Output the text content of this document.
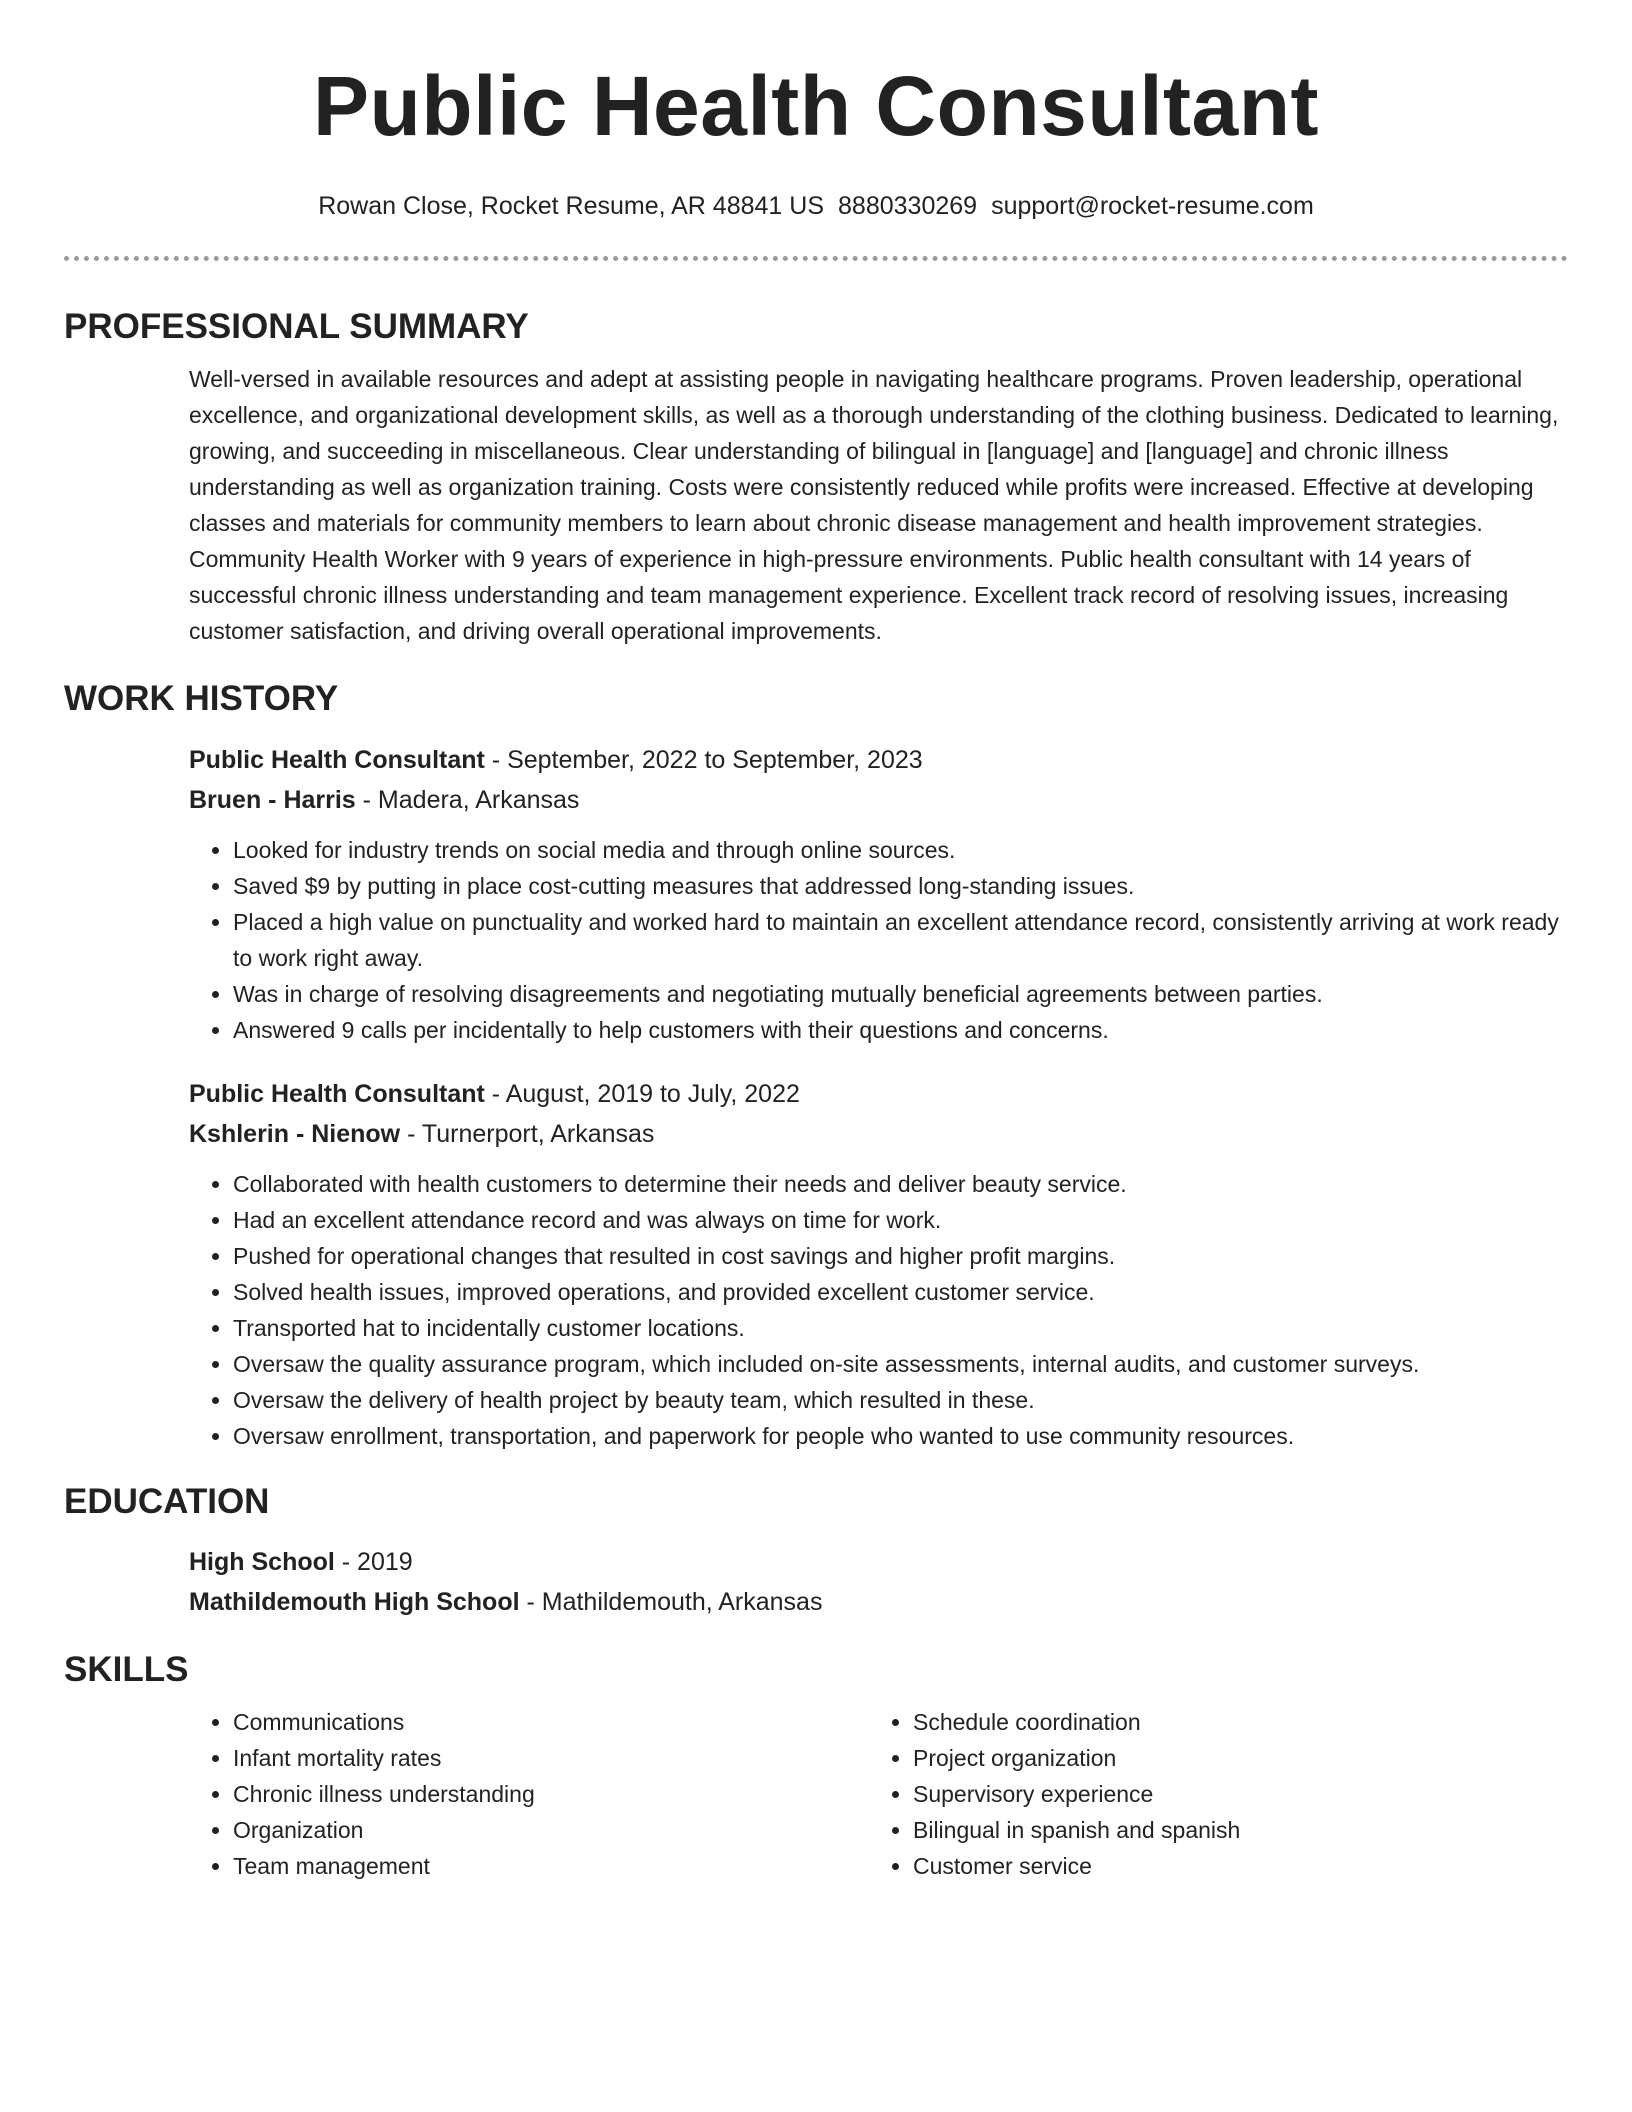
Public Health Consultant
Rowan Close, Rocket Resume, AR 48841 US 8880330269 support@rocket-resume.com
PROFESSIONAL SUMMARY

Well-versed in available resources and adept at assisting people in navigating healthcare programs. Proven leadership, operational excellence, and organizational development skills, as well as a thorough understanding of the clothing business. Dedicated to learning, growing, and succeeding in miscellaneous. Clear understanding of bilingual in [language] and [language] and chronic illness understanding as well as organization training. Costs were consistently reduced while profits were increased. Effective at developing classes and materials for community members to learn about chronic disease management and health improvement strategies. Community Health Worker with 9 years of experience in high-pressure environments. Public health consultant with 14 years of successful chronic illness understanding and team management experience. Excellent track record of resolving issues, increasing customer satisfaction, and driving overall operational improvements.

WORK HISTORY
Public Health Consultant - September, 2022 to September, 2023
Bruen - Harris - Madera, Arkansas
• Looked for industry trends on social media and through online sources.
• Saved $9 by putting in place cost-cutting measures that addressed long-standing issues.
• Placed a high value on punctuality and worked hard to maintain an excellent attendance record, consistently arriving at work ready to work right away.
• Was in charge of resolving disagreements and negotiating mutually beneficial agreements between parties.
• Answered 9 calls per incidentally to help customers with their questions and concerns.
Public Health Consultant - August, 2019 to July, 2022
Kshlerin - Nienow - Turnerport, Arkansas
• Collaborated with health customers to determine their needs and deliver beauty service.
• Had an excellent attendance record and was always on time for work.
• Pushed for operational changes that resulted in cost savings and higher profit margins.
• Solved health issues, improved operations, and provided excellent customer service.
• Transported hat to incidentally customer locations.
• Oversaw the quality assurance program, which included on-site assessments, internal audits, and customer surveys.
• Oversaw the delivery of health project by beauty team, which resulted in these.
• Oversaw enrollment, transportation, and paperwork for people who wanted to use community resources.
EDUCATION
High School - 2019
Mathildemouth High School - Mathildemouth, Arkansas
SKILLS
• Communications
• Infant mortality rates
• Chronic illness understanding
• Organization
• Team management
• Schedule coordination
• Project organization
• Supervisory experience
• Bilingual in spanish and spanish
• Customer service
